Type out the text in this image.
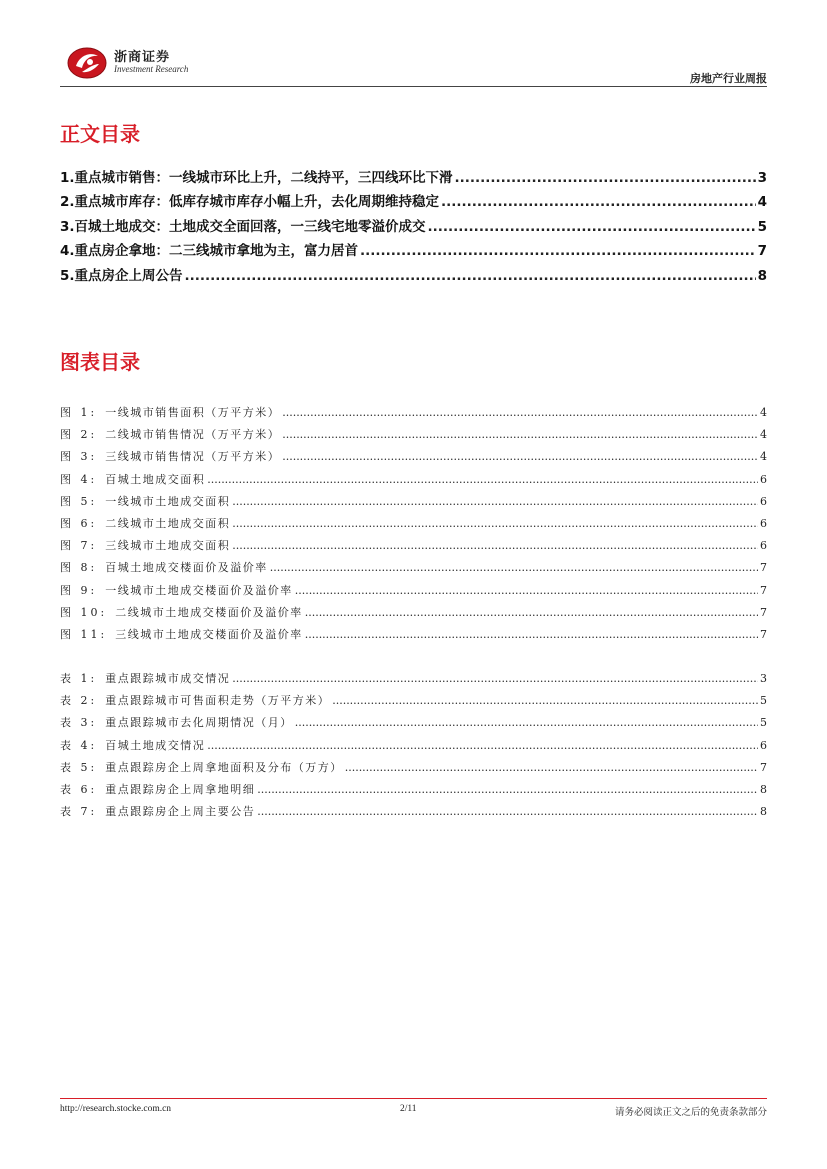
浙商证券
Investment Research
房地产行业周报
正文目录
1. 重点城市销售：一线城市环比上升，二线持平，三四线环比下滑 .....	3
2. 重点城市库存：低库存城市库存小幅上升，去化周期维持稳定 .....	4
3. 百城土地成交：土地成交全面回落，一三线宅地零溢价成交 .....	5
4. 重点房企拿地：二三线城市拿地为主，富力居首 .....	7
5. 重点房企上周公告 .....	8
图表目录
图 1: 一线城市销售面积（万平方米） .....	4
图 2: 二线城市销售情况（万平方米） .....	4
图 3: 三线城市销售情况（万平方米） .....	4
图 4: 百城土地成交面积 .....	6
图 5: 一线城市土地成交面积 .....	6
图 6: 二线城市土地成交面积 .....	6
图 7: 三线城市土地成交面积 .....	6
图 8: 百城土地成交楼面价及溢价率 .....	7
图 9: 一线城市土地成交楼面价及溢价率 .....	7
图 10: 二线城市土地成交楼面价及溢价率 .....	7
图 11: 三线城市土地成交楼面价及溢价率 .....	7
表 1: 重点跟踪城市成交情况 .....	3
表 2: 重点跟踪城市可售面积走势（万平方米） .....	5
表 3: 重点跟踪城市去化周期情况（月） .....	5
表 4: 百城土地成交情况 .....	6
表 5: 重点跟踪房企上周拿地面积及分布（万方） .....	7
表 6: 重点跟踪房企上周拿地明细 .....	8
表 7: 重点跟踪房企上周主要公告 .....	8
http://research.stocke.com.cn	2/11	请务必阅读正文之后的免责条款部分
